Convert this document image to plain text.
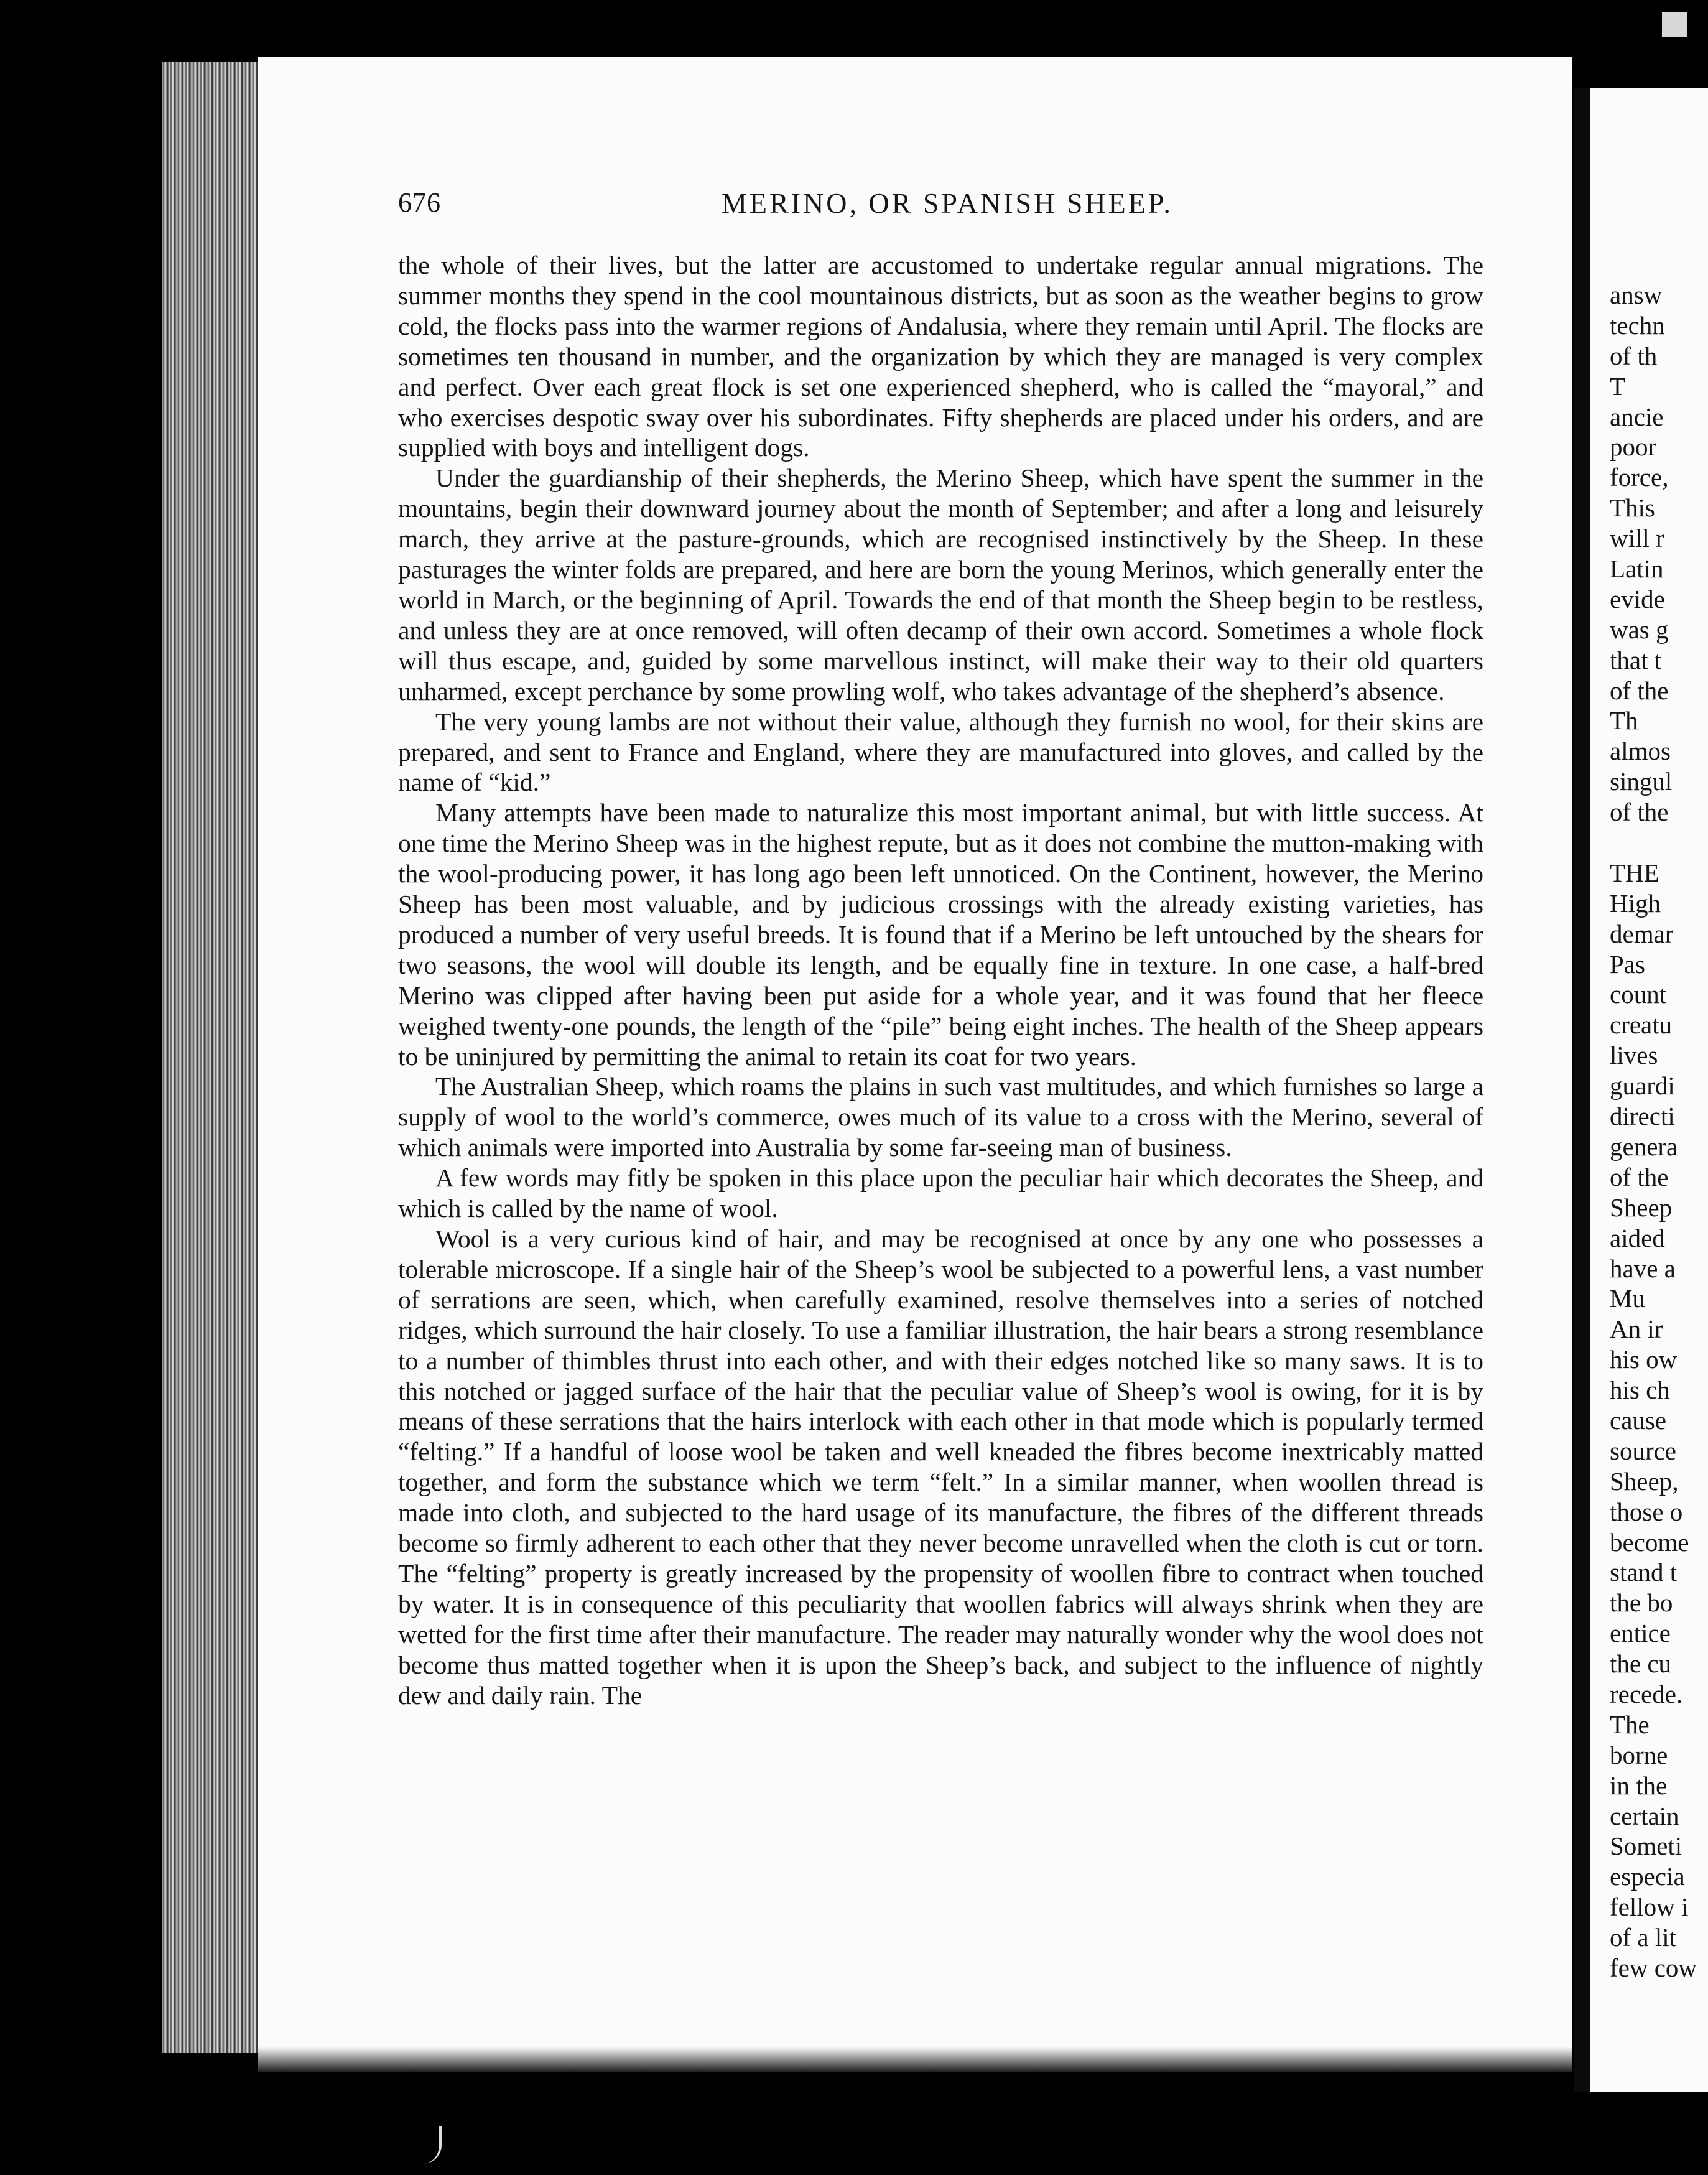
676	MERINO, OR SPANISH SHEEP.

the whole of their lives, but the latter are accustomed to undertake regular annual migrations. The summer months they spend in the cool mountainous districts, but as soon as the weather begins to grow cold, the flocks pass into the warmer regions of Andalusia, where they remain until April. The flocks are sometimes ten thousand in number, and the organization by which they are managed is very complex and perfect. Over each great flock is set one experienced shepherd, who is called the “mayoral,” and who exercises despotic sway over his subordinates. Fifty shepherds are placed under his orders, and are supplied with boys and intelligent dogs.

Under the guardianship of their shepherds, the Merino Sheep, which have spent the summer in the mountains, begin their downward journey about the month of September; and after a long and leisurely march, they arrive at the pasture-grounds, which are recognised instinctively by the Sheep. In these pasturages the winter folds are prepared, and here are born the young Merinos, which generally enter the world in March, or the beginning of April. Towards the end of that month the Sheep begin to be restless, and unless they are at once removed, will often decamp of their own accord. Sometimes a whole flock will thus escape, and, guided by some marvellous instinct, will make their way to their old quarters unharmed, except perchance by some prowling wolf, who takes advantage of the shepherd’s absence.

The very young lambs are not without their value, although they furnish no wool, for their skins are prepared, and sent to France and England, where they are manufactured into gloves, and called by the name of “kid.”

Many attempts have been made to naturalize this most important animal, but with little success. At one time the Merino Sheep was in the highest repute, but as it does not combine the mutton-making with the wool-producing power, it has long ago been left unnoticed. On the Continent, however, the Merino Sheep has been most valuable, and by judicious crossings with the already existing varieties, has produced a number of very useful breeds. It is found that if a Merino be left untouched by the shears for two seasons, the wool will double its length, and be equally fine in texture. In one case, a half-bred Merino was clipped after having been put aside for a whole year, and it was found that her fleece weighed twenty-one pounds, the length of the “pile” being eight inches. The health of the Sheep appears to be uninjured by permitting the animal to retain its coat for two years.

The Australian Sheep, which roams the plains in such vast multitudes, and which furnishes so large a supply of wool to the world’s commerce, owes much of its value to a cross with the Merino, several of which animals were imported into Australia by some far-seeing man of business.

A few words may fitly be spoken in this place upon the peculiar hair which decorates the Sheep, and which is called by the name of wool.

Wool is a very curious kind of hair, and may be recognised at once by any one who possesses a tolerable microscope. If a single hair of the Sheep’s wool be subjected to a powerful lens, a vast number of serrations are seen, which, when carefully examined, resolve themselves into a series of notched ridges, which surround the hair closely. To use a familiar illustration, the hair bears a strong resemblance to a number of thimbles thrust into each other, and with their edges notched like so many saws. It is to this notched or jagged surface of the hair that the peculiar value of Sheep’s wool is owing, for it is by means of these serrations that the hairs interlock with each other in that mode which is popularly termed “felting.” If a handful of loose wool be taken and well kneaded the fibres become inextricably matted together, and form the substance which we term “felt.” In a similar manner, when woollen thread is made into cloth, and subjected to the hard usage of its manufacture, the fibres of the different threads become so firmly adherent to each other that they never become unravelled when the cloth is cut or torn. The “felting” property is greatly increased by the propensity of woollen fibre to contract when touched by water. It is in consequence of this peculiarity that woollen fabrics will always shrink when they are wetted for the first time after their manufacture. The reader may naturally wonder why the wool does not become thus matted together when it is upon the Sheep’s back, and subject to the influence of nightly dew and daily rain. The

answ
techn
of th
T
ancie
poor
force,
This
will r
Latin
evide
was g
that t
of the
Th
almos
singul
of the
THE
High
demar
Pas
count
creatu
lives
guardi
directi
genera
of the
Sheep
aided
have a
Mu
An ir
his ow
his ch
cause
source
Sheep,
those o
become
stand t
the bo
entice
the cu
recede.
The
borne
in the
certain
Someti
especia
fellow i
of a lit
few cow
